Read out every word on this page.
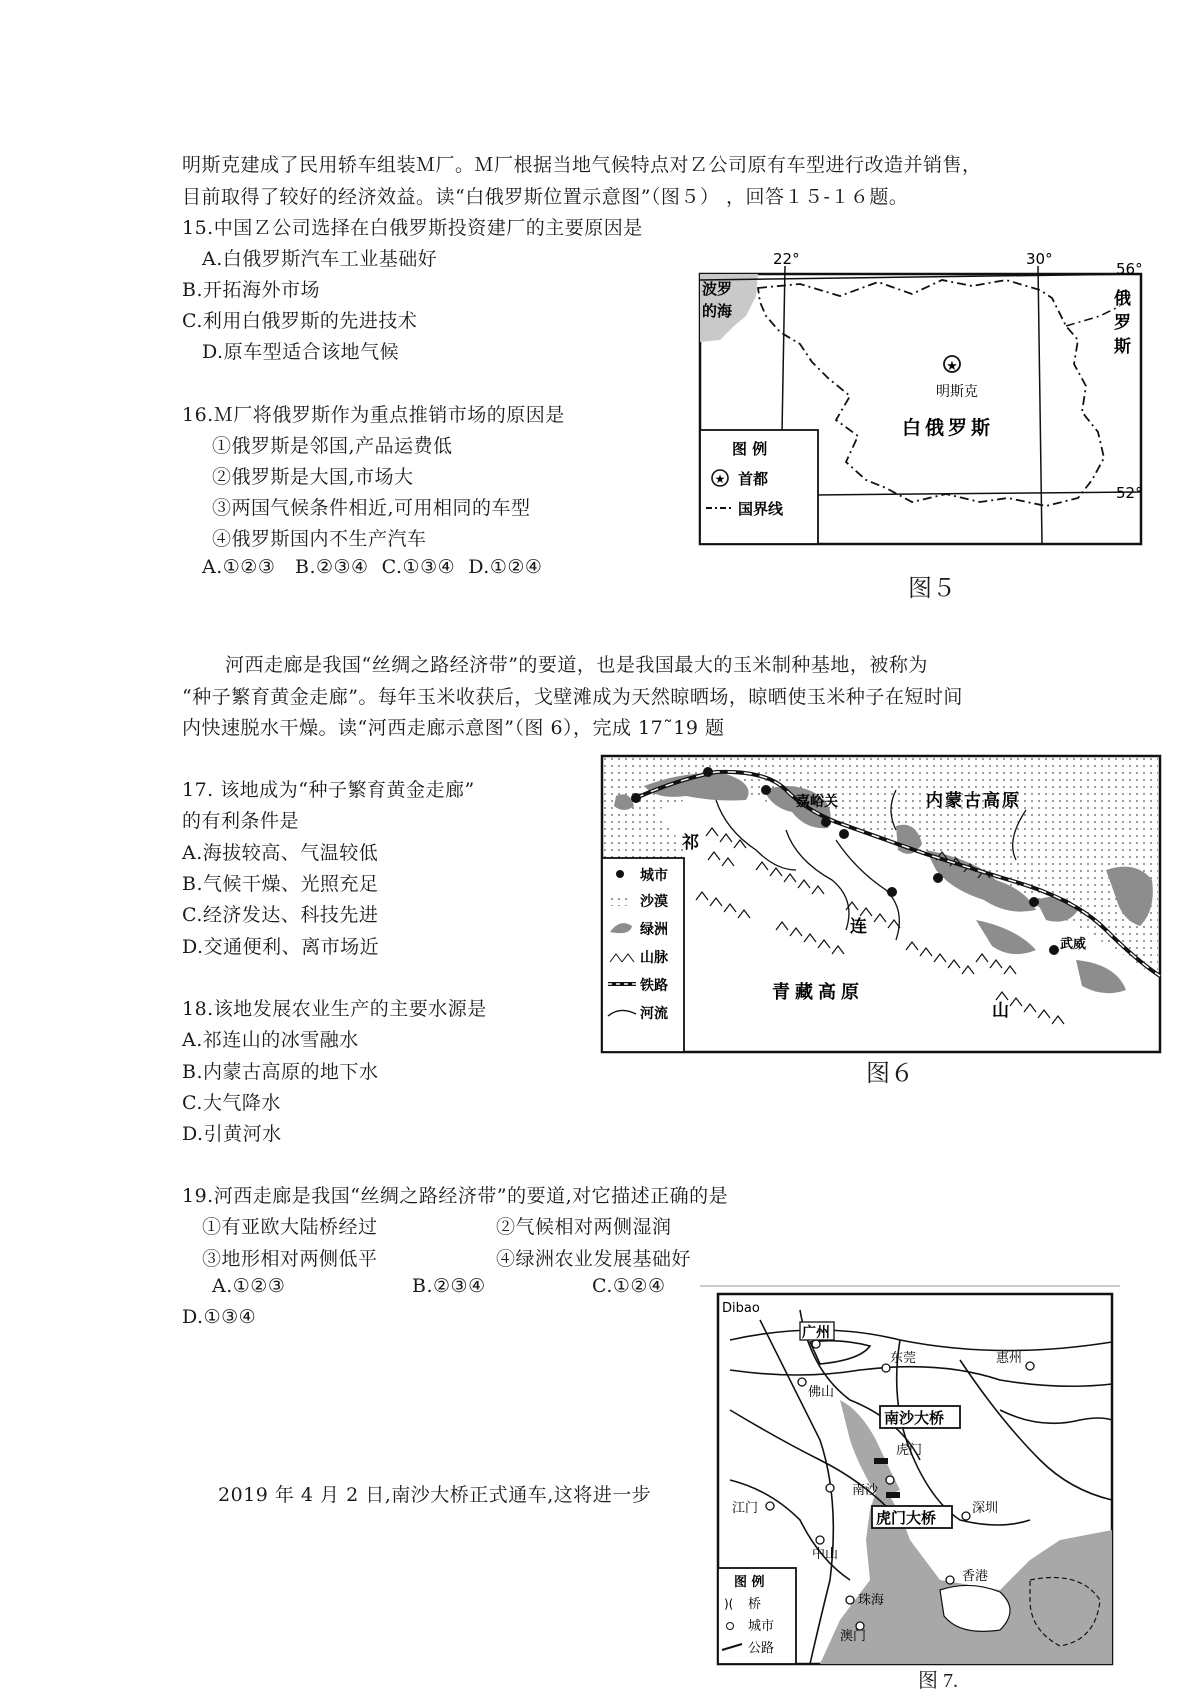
明斯克建成了民用轿车组装Ｍ厂。Ｍ厂根据当地气候特点对Ｚ公司原有车型进行改造并销售，
目前取得了较好的经济效益。读“白俄罗斯位置示意图”（图５） ，回答１５-１６题。
15.中国Ｚ公司选择在白俄罗斯投资建厂的主要原因是
A.白俄罗斯汽车工业基础好
B.开拓海外市场
C.利用白俄罗斯的先进技术
D.原车型适合该地气候
16.Ｍ厂将俄罗斯作为重点推销市场的原因是
①俄罗斯是邻国,产品运费低
②俄罗斯是大国,市场大
③两国气候条件相近,可用相同的车型
④俄罗斯国内不生产汽车
A.①②③   B.②③④  C.①③④  D.①②④
波罗
的海
22°	30°
56°
52°
★
明斯克
白俄罗斯
俄
罗
斯
图 例
★ 首都
国界线
图５
河西走廊是我国“丝绸之路经济带”的要道，也是我国最大的玉米制种基地，被称为
“种子繁育黄金走廊”。每年玉米收获后，戈壁滩成为天然晾晒场，晾晒使玉米种子在短时间
内快速脱水干燥。读“河西走廊示意图”（图 6），完成 17˜19 题
17. 该地成为“种子繁育黄金走廊”
的有利条件是
A.海拔较高、气温较低
B.气候干燥、光照充足
C.经济发达、科技先进
D.交通便利、离市场近
嘉峪关	内蒙古高原
祁
连
山
青藏高原
武威
城市
沙漠
绿洲
山脉
铁路
河流
图６
18.该地发展农业生产的主要水源是
A.祁连山的冰雪融水
B.内蒙古高原的地下水
C.大气降水
D.引黄河水
19.河西走廊是我国“丝绸之路经济带”的要道,对它描述正确的是
①有亚欧大陆桥经过	②气候相对两侧湿润
③地形相对两侧低平	④绿洲农业发展基础好
A.①②③	B.②③④	C.①②④
D.①③④
2019 年 4 月 2 日,南沙大桥正式通车,这将进一步
Dibao
广州
佛山
东莞	惠州
南沙大桥
虎门
南沙
虎门大桥
江门	深圳
中山
香港
珠海
澳门
图 例
)( 桥
城市
公路
图 7.
